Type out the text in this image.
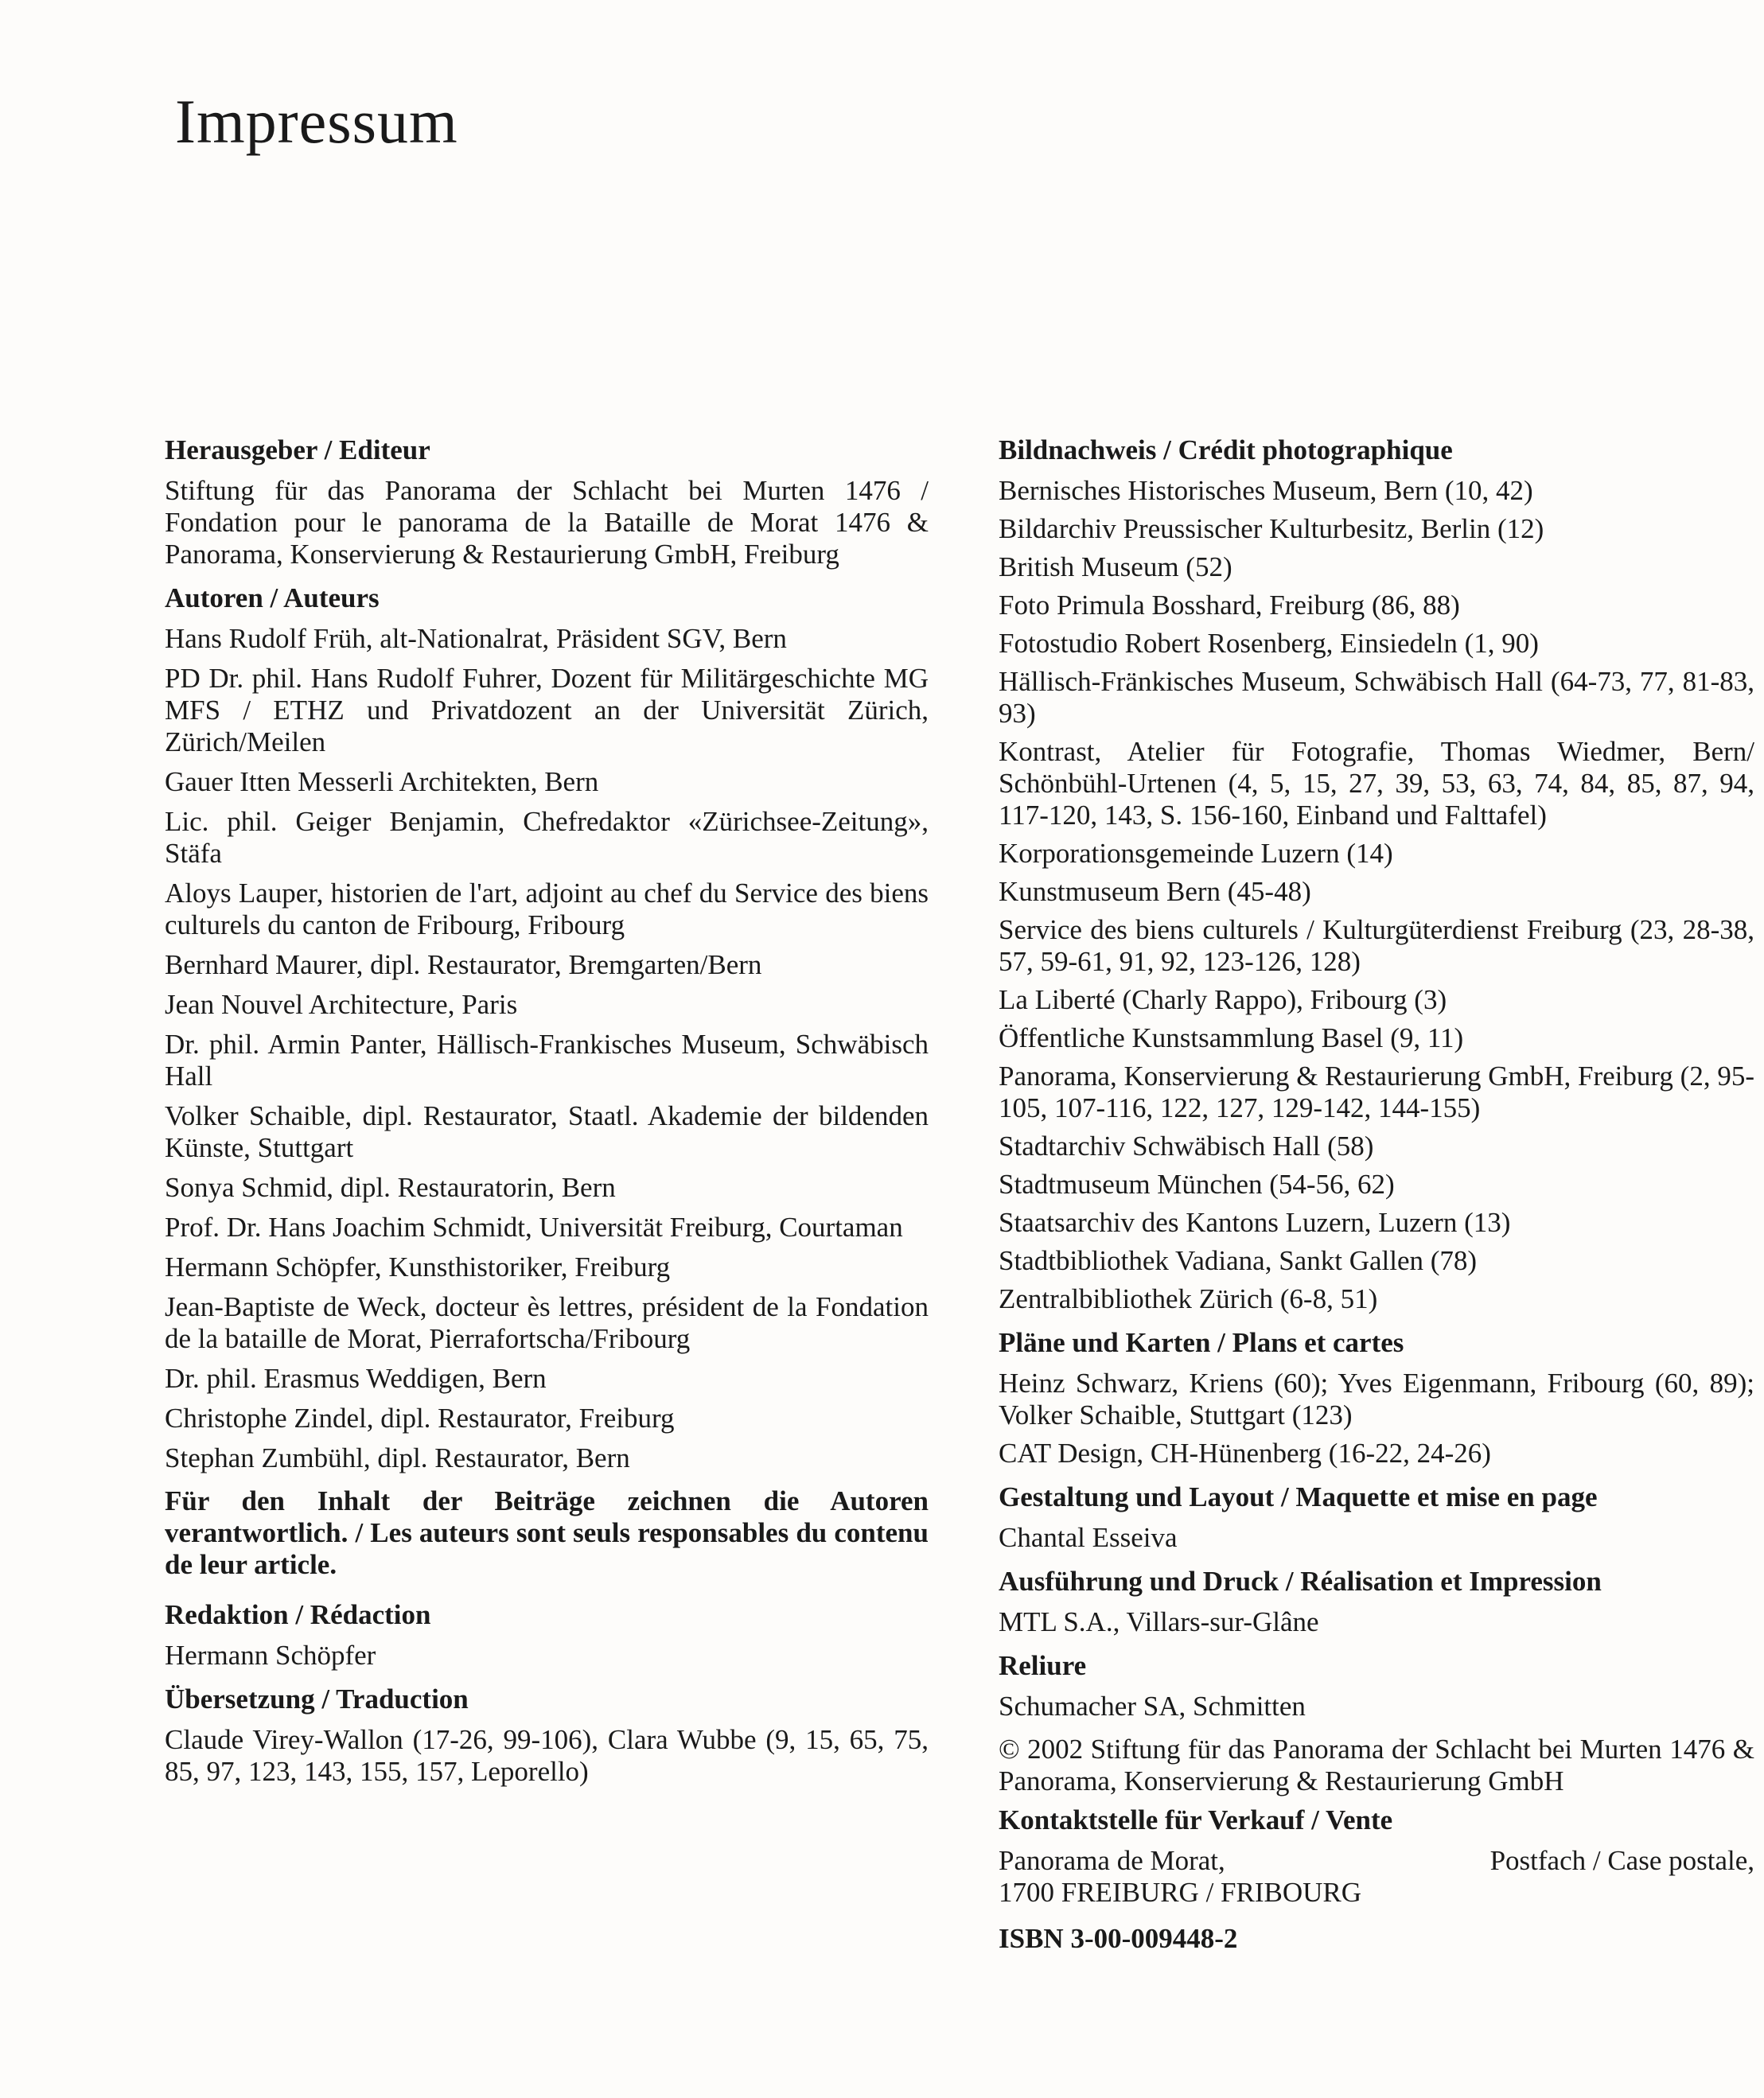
Impressum
Herausgeber / Editeur
Stiftung für das Panorama der Schlacht bei Murten 1476 / Fondation pour le panorama de la Bataille de Morat 1476 & Panorama, Konservierung & Restaurierung GmbH, Freiburg
Autoren / Auteurs
Hans Rudolf Früh, alt-Nationalrat, Präsident SGV, Bern
PD Dr. phil. Hans Rudolf Fuhrer, Dozent für Militärgeschichte MG MFS / ETHZ und Privatdozent an der Universität Zürich, Zürich/Meilen
Gauer Itten Messerli Architekten, Bern
Lic. phil. Geiger Benjamin, Chefredaktor «Zürichsee-Zeitung», Stäfa
Aloys Lauper, historien de l'art, adjoint au chef du Service des biens culturels du canton de Fribourg, Fribourg
Bernhard Maurer, dipl. Restaurator, Bremgarten/Bern
Jean Nouvel Architecture, Paris
Dr. phil. Armin Panter, Hällisch-Frankisches Museum, Schwäbisch Hall
Volker Schaible, dipl. Restaurator, Staatl. Akademie der bildenden Künste, Stuttgart
Sonya Schmid, dipl. Restauratorin, Bern
Prof. Dr. Hans Joachim Schmidt, Universität Freiburg, Courtaman
Hermann Schöpfer, Kunsthistoriker, Freiburg
Jean-Baptiste de Weck, docteur ès lettres, président de la Fondation de la bataille de Morat, Pierrafortscha/Fribourg
Dr. phil. Erasmus Weddigen, Bern
Christophe Zindel, dipl. Restaurator, Freiburg
Stephan Zumbühl, dipl. Restaurator, Bern
Für den Inhalt der Beiträge zeichnen die Autoren verantwortlich. / Les auteurs sont seuls responsables du contenu de leur article.
Redaktion / Rédaction
Hermann Schöpfer
Übersetzung / Traduction
Claude Virey-Wallon (17-26, 99-106), Clara Wubbe (9, 15, 65, 75, 85, 97, 123, 143, 155, 157, Leporello)
Bildnachweis / Crédit photographique
Bernisches Historisches Museum, Bern (10, 42)
Bildarchiv Preussischer Kulturbesitz, Berlin (12)
British Museum (52)
Foto Primula Bosshard, Freiburg (86, 88)
Fotostudio Robert Rosenberg, Einsiedeln (1, 90)
Hällisch-Fränkisches Museum, Schwäbisch Hall (64-73, 77, 81-83, 93)
Kontrast, Atelier für Fotografie, Thomas Wiedmer, Bern/ Schönbühl-Urtenen (4, 5, 15, 27, 39, 53, 63, 74, 84, 85, 87, 94, 117-120, 143, S. 156-160, Einband und Falttafel)
Korporationsgemeinde Luzern (14)
Kunstmuseum Bern (45-48)
Service des biens culturels / Kulturgüterdienst Freiburg (23, 28-38, 57, 59-61, 91, 92, 123-126, 128)
La Liberté (Charly Rappo), Fribourg (3)
Öffentliche Kunstsammlung Basel (9, 11)
Panorama, Konservierung & Restaurierung GmbH, Freiburg (2, 95-105, 107-116, 122, 127, 129-142, 144-155)
Stadtarchiv Schwäbisch Hall (58)
Stadtmuseum München (54-56, 62)
Staatsarchiv des Kantons Luzern, Luzern (13)
Stadtbibliothek Vadiana, Sankt Gallen (78)
Zentralbibliothek Zürich (6-8, 51)
Pläne und Karten / Plans et cartes
Heinz Schwarz, Kriens (60); Yves Eigenmann, Fribourg (60, 89); Volker Schaible, Stuttgart (123)
CAT Design, CH-Hünenberg (16-22, 24-26)
Gestaltung und Layout / Maquette et mise en page
Chantal Esseiva
Ausführung und Druck / Réalisation et Impression
MTL S.A., Villars-sur-Glâne
Reliure
Schumacher SA, Schmitten
© 2002 Stiftung für das Panorama der Schlacht bei Murten 1476 & Panorama, Konservierung & Restaurierung GmbH
Kontaktstelle für Verkauf / Vente
Panorama de Morat,	Postfach / Case postale,
1700 FREIBURG / FRIBOURG
ISBN 3-00-009448-2
